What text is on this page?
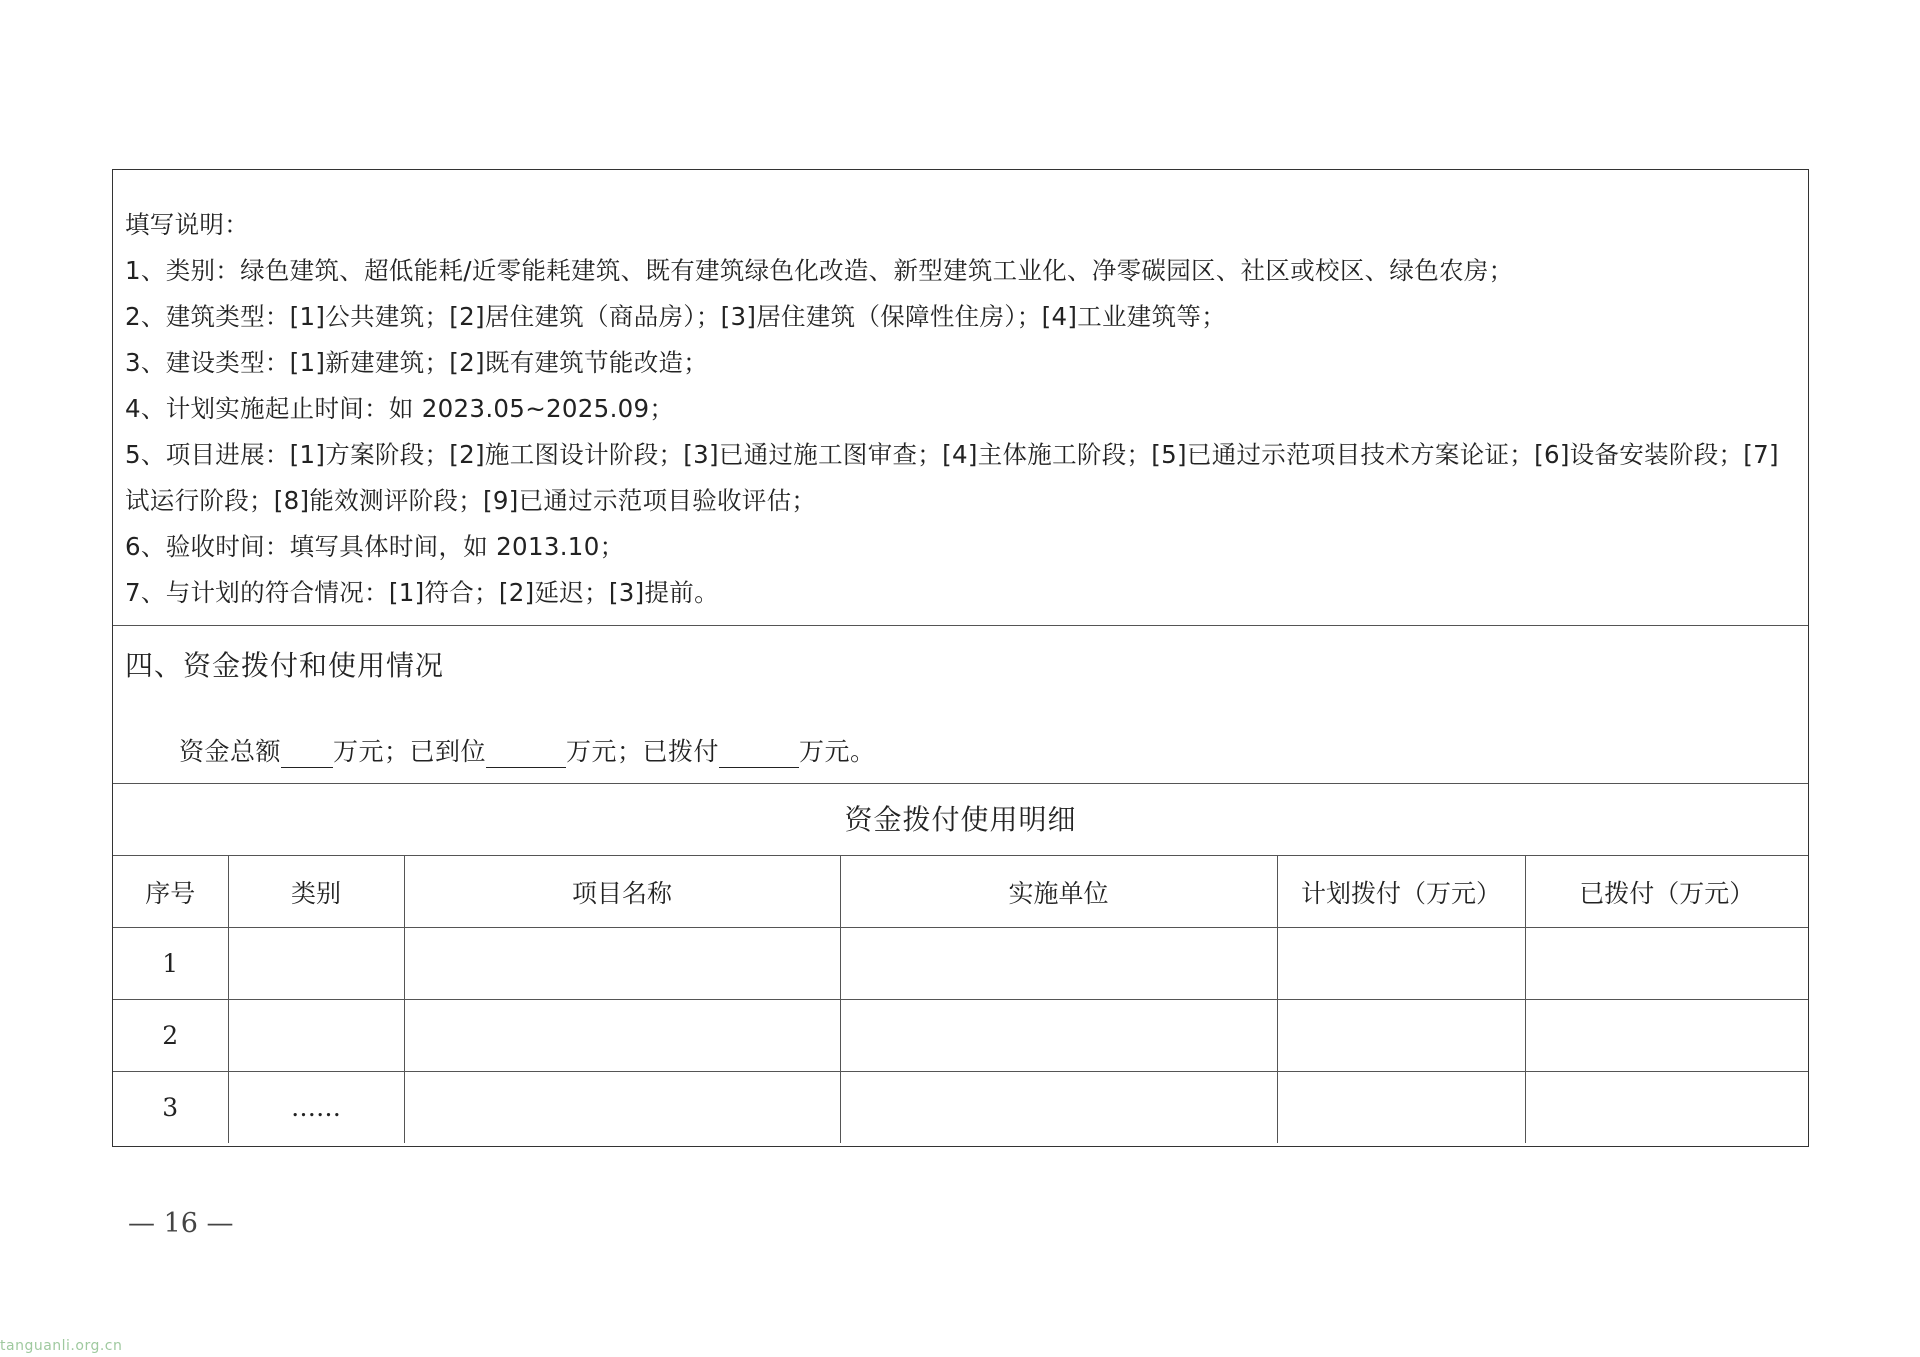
填写说明：

1、类别：绿色建筑、超低能耗/近零能耗建筑、既有建筑绿色化改造、新型建筑工业化、净零碳园区、社区或校区、绿色农房；

2、建筑类型：[1]公共建筑；[2]居住建筑（商品房）；[3]居住建筑（保障性住房）；[4]工业建筑等；

3、建设类型：[1]新建建筑；[2]既有建筑节能改造；

4、计划实施起止时间：如 2023.05~2025.09；

5、项目进展：[1]方案阶段；[2]施工图设计阶段；[3]已通过施工图审查；[4]主体施工阶段；[5]已通过示范项目技术方案论证；[6]设备安装阶段；[7]试运行阶段；[8]能效测评阶段；[9]已通过示范项目验收评估；

6、验收时间：填写具体时间，如 2013.10；

7、与计划的符合情况：[1]符合；[2]延迟；[3]提前。

四、资金拨付和使用情况
资金总额 万元；已到位	万元；已拨付	万元。
资金拨付使用明细
序号	类别	项目名称	实施单位	计划拨付（万元）	已拨付（万元）
1					
2					
3	……				
— 16 —
tanguanli.org.cn
